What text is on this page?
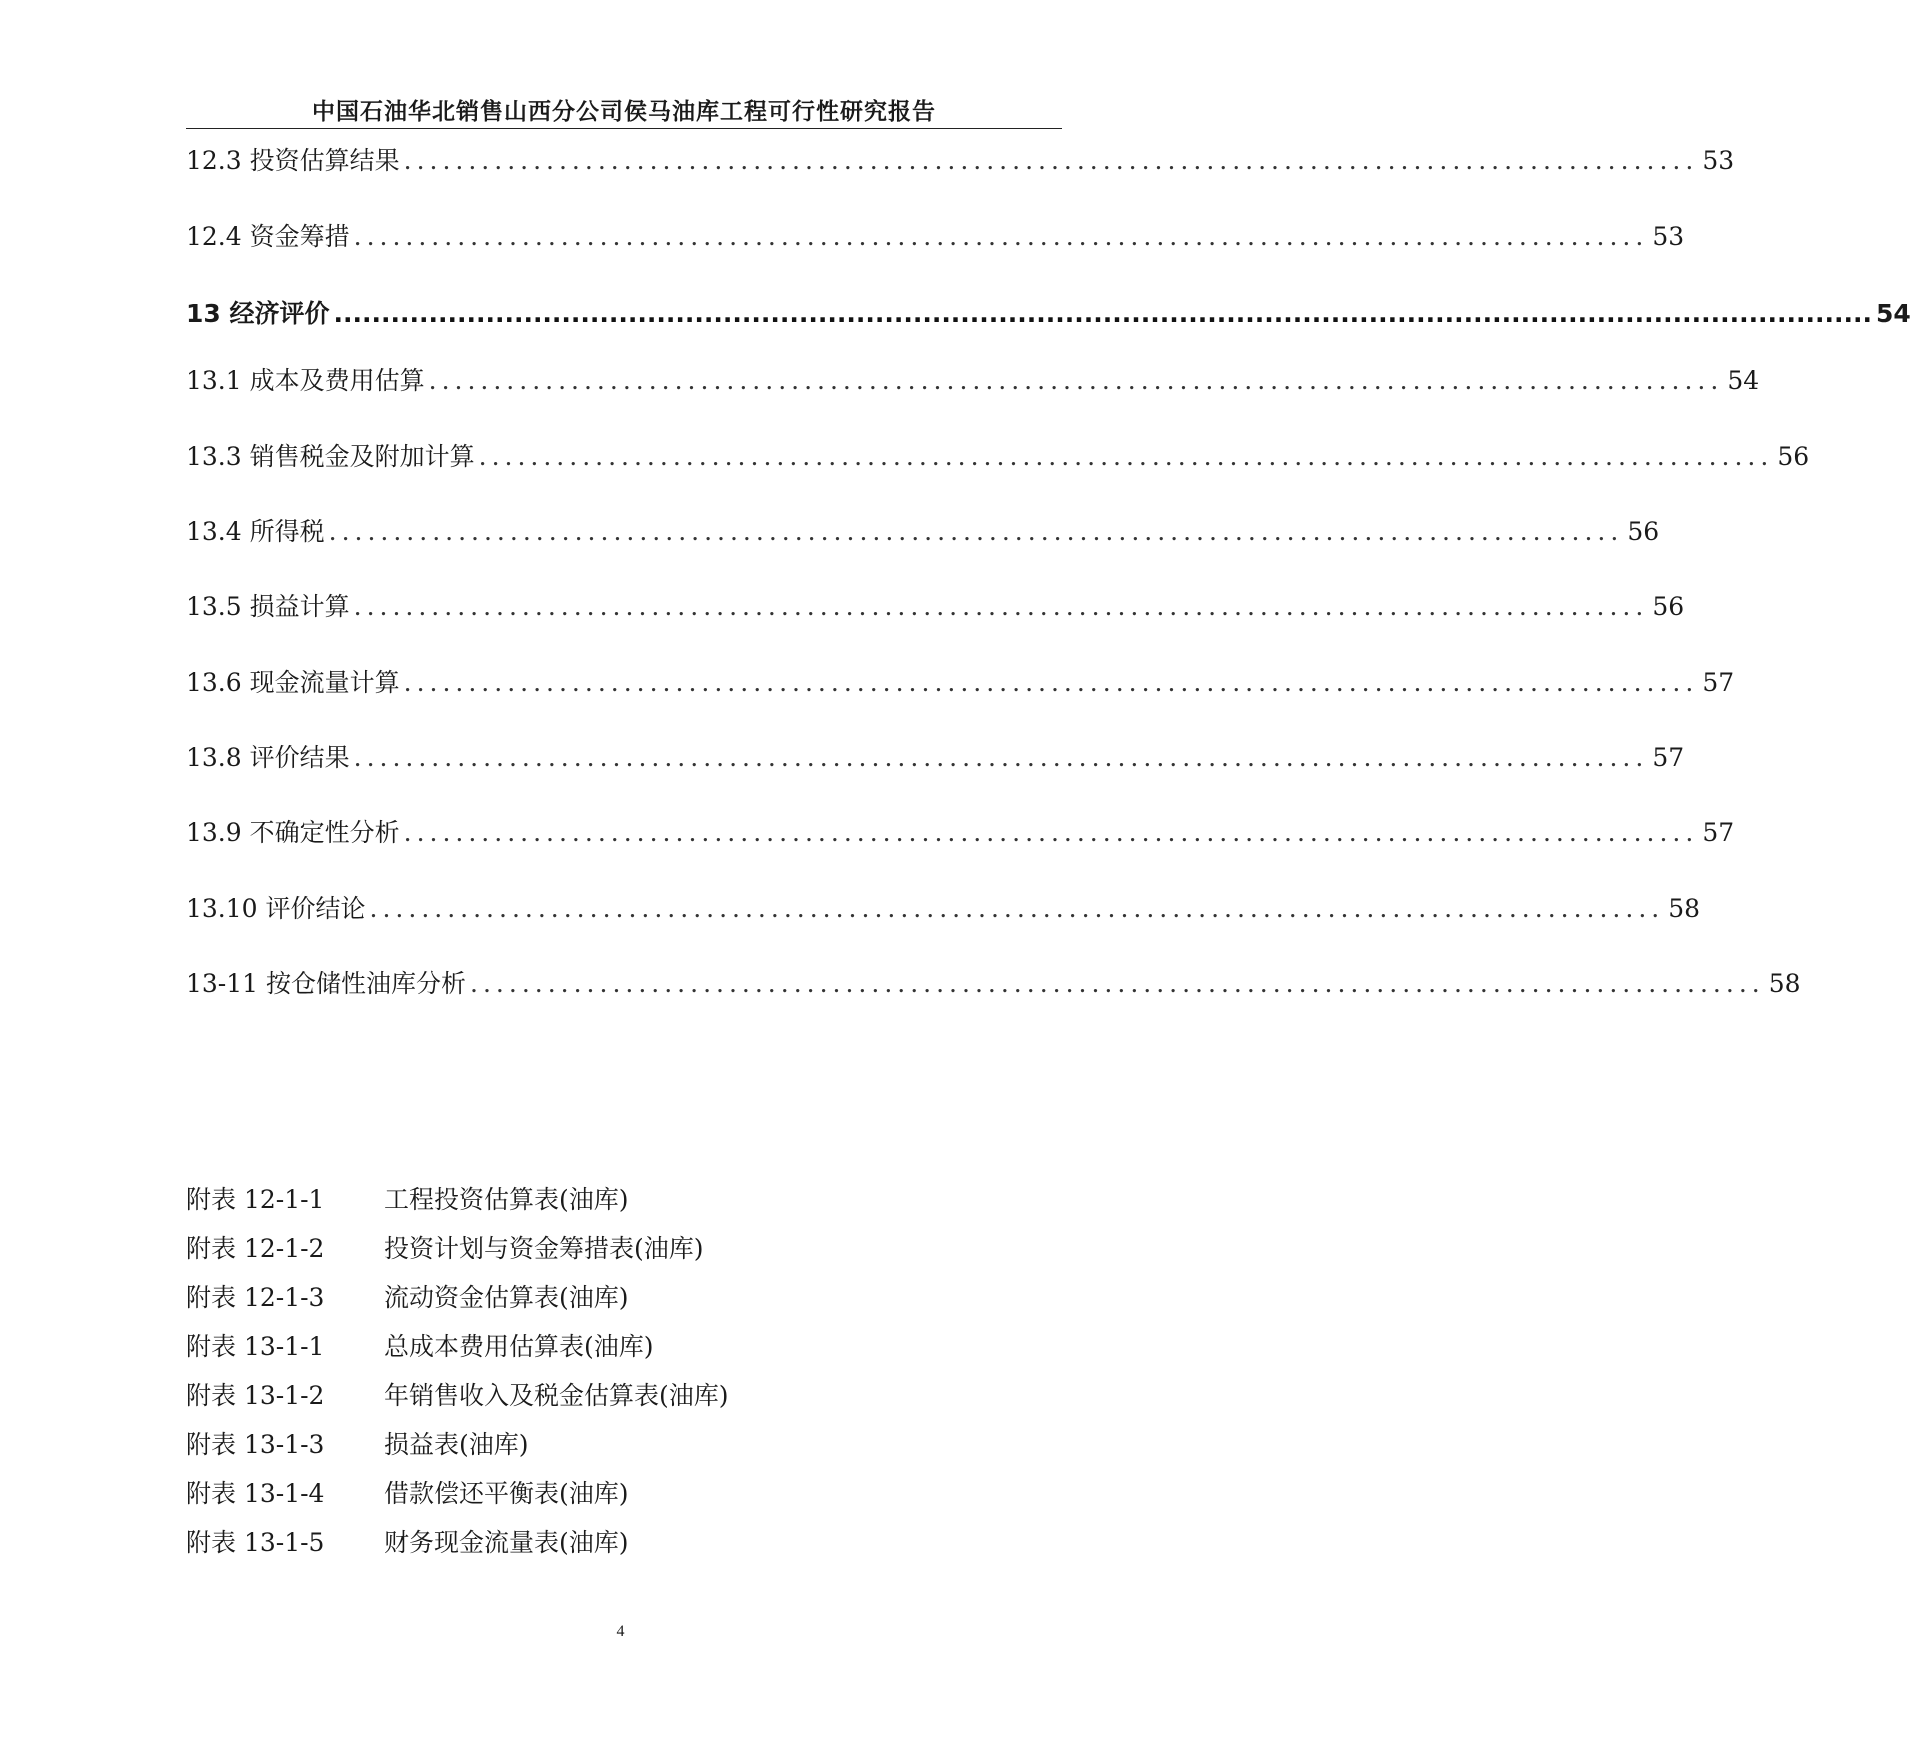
中国石油华北销售山西分公司侯马油库工程可行性研究报告
12.3 投资估算结果 .................................................................................................... 53
12.4 资金筹措 .................................................................................................... 53
13 经济评价 .................................................................................................................................................................. 54
13.1 成本及费用估算 .................................................................................................... 54
13.3 销售税金及附加计算 .................................................................................................... 56
13.4 所得税 .................................................................................................... 56
13.5 损益计算 .................................................................................................... 56
13.6 现金流量计算 .................................................................................................... 57
13.8 评价结果 .................................................................................................... 57
13.9 不确定性分析 .................................................................................................... 57
13.10 评价结论 .................................................................................................... 58
13-11 按仓储性油库分析 .................................................................................................... 58
附表 12-1-1	工程投资估算表(油库)
附表 12-1-2	投资计划与资金筹措表(油库)
附表 12-1-3	流动资金估算表(油库)
附表 13-1-1	总成本费用估算表(油库)
附表 13-1-2	年销售收入及税金估算表(油库)
附表 13-1-3	损益表(油库)
附表 13-1-4	借款偿还平衡表(油库)
附表 13-1-5	财务现金流量表(油库)
4
